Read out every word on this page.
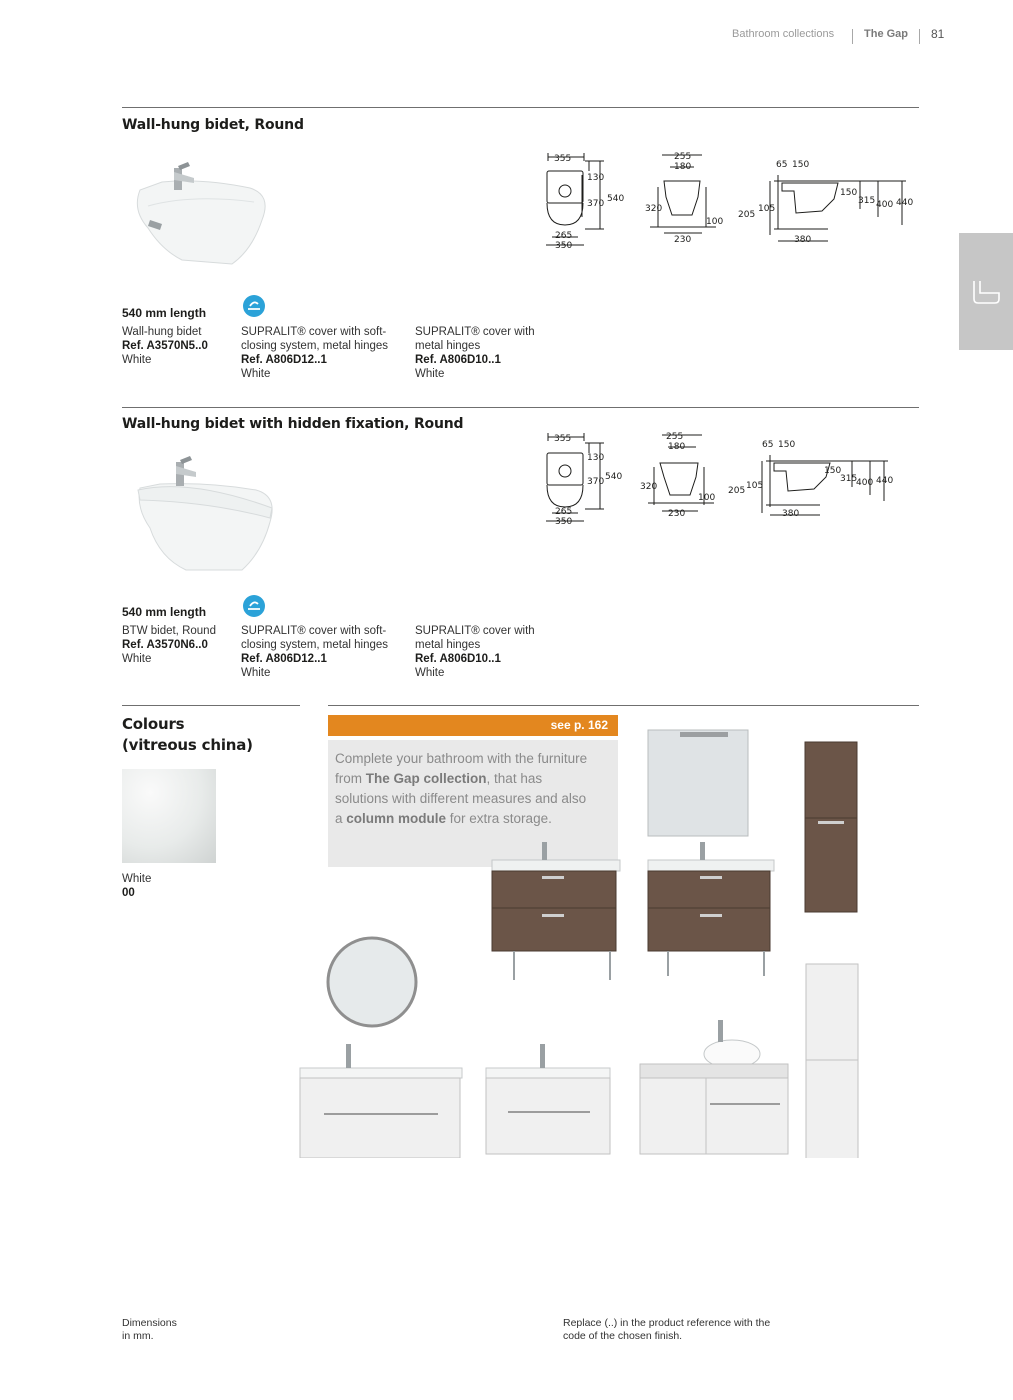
Bathroom collections	The Gap 81
Wall-hung bidet, Round
355
130
370 540
265
350
255
180
320
100
230
65 150
150
315 400 440
205
105
380
540 mm length
Wall-hung bidet
Ref. A3570N5..0
White
SUPRALIT® cover with soft-
closing system, metal hinges
Ref. A806D12..1
White
SUPRALIT® cover with
metal hinges
Ref. A806D10..1
White
Wall-hung bidet with hidden fixation, Round
355
130
370 540
265
350
255
180
320
100
230
65 150
150
315
400 440
205 105
380
540 mm length
BTW bidet, Round
Ref. A3570N6..0
White
SUPRALIT® cover with soft-
closing system, metal hinges
Ref. A806D12..1
White
SUPRALIT® cover with
metal hinges
Ref. A806D10..1
White
Colours
(vitreous china)
White
00
see p. 162
Complete your bathroom with the furniture
from The Gap collection, that has
solutions with different measures and also
a column module for extra storage.
Dimensions
in mm.
Replace (..) in the product reference with the
code of the chosen finish.
